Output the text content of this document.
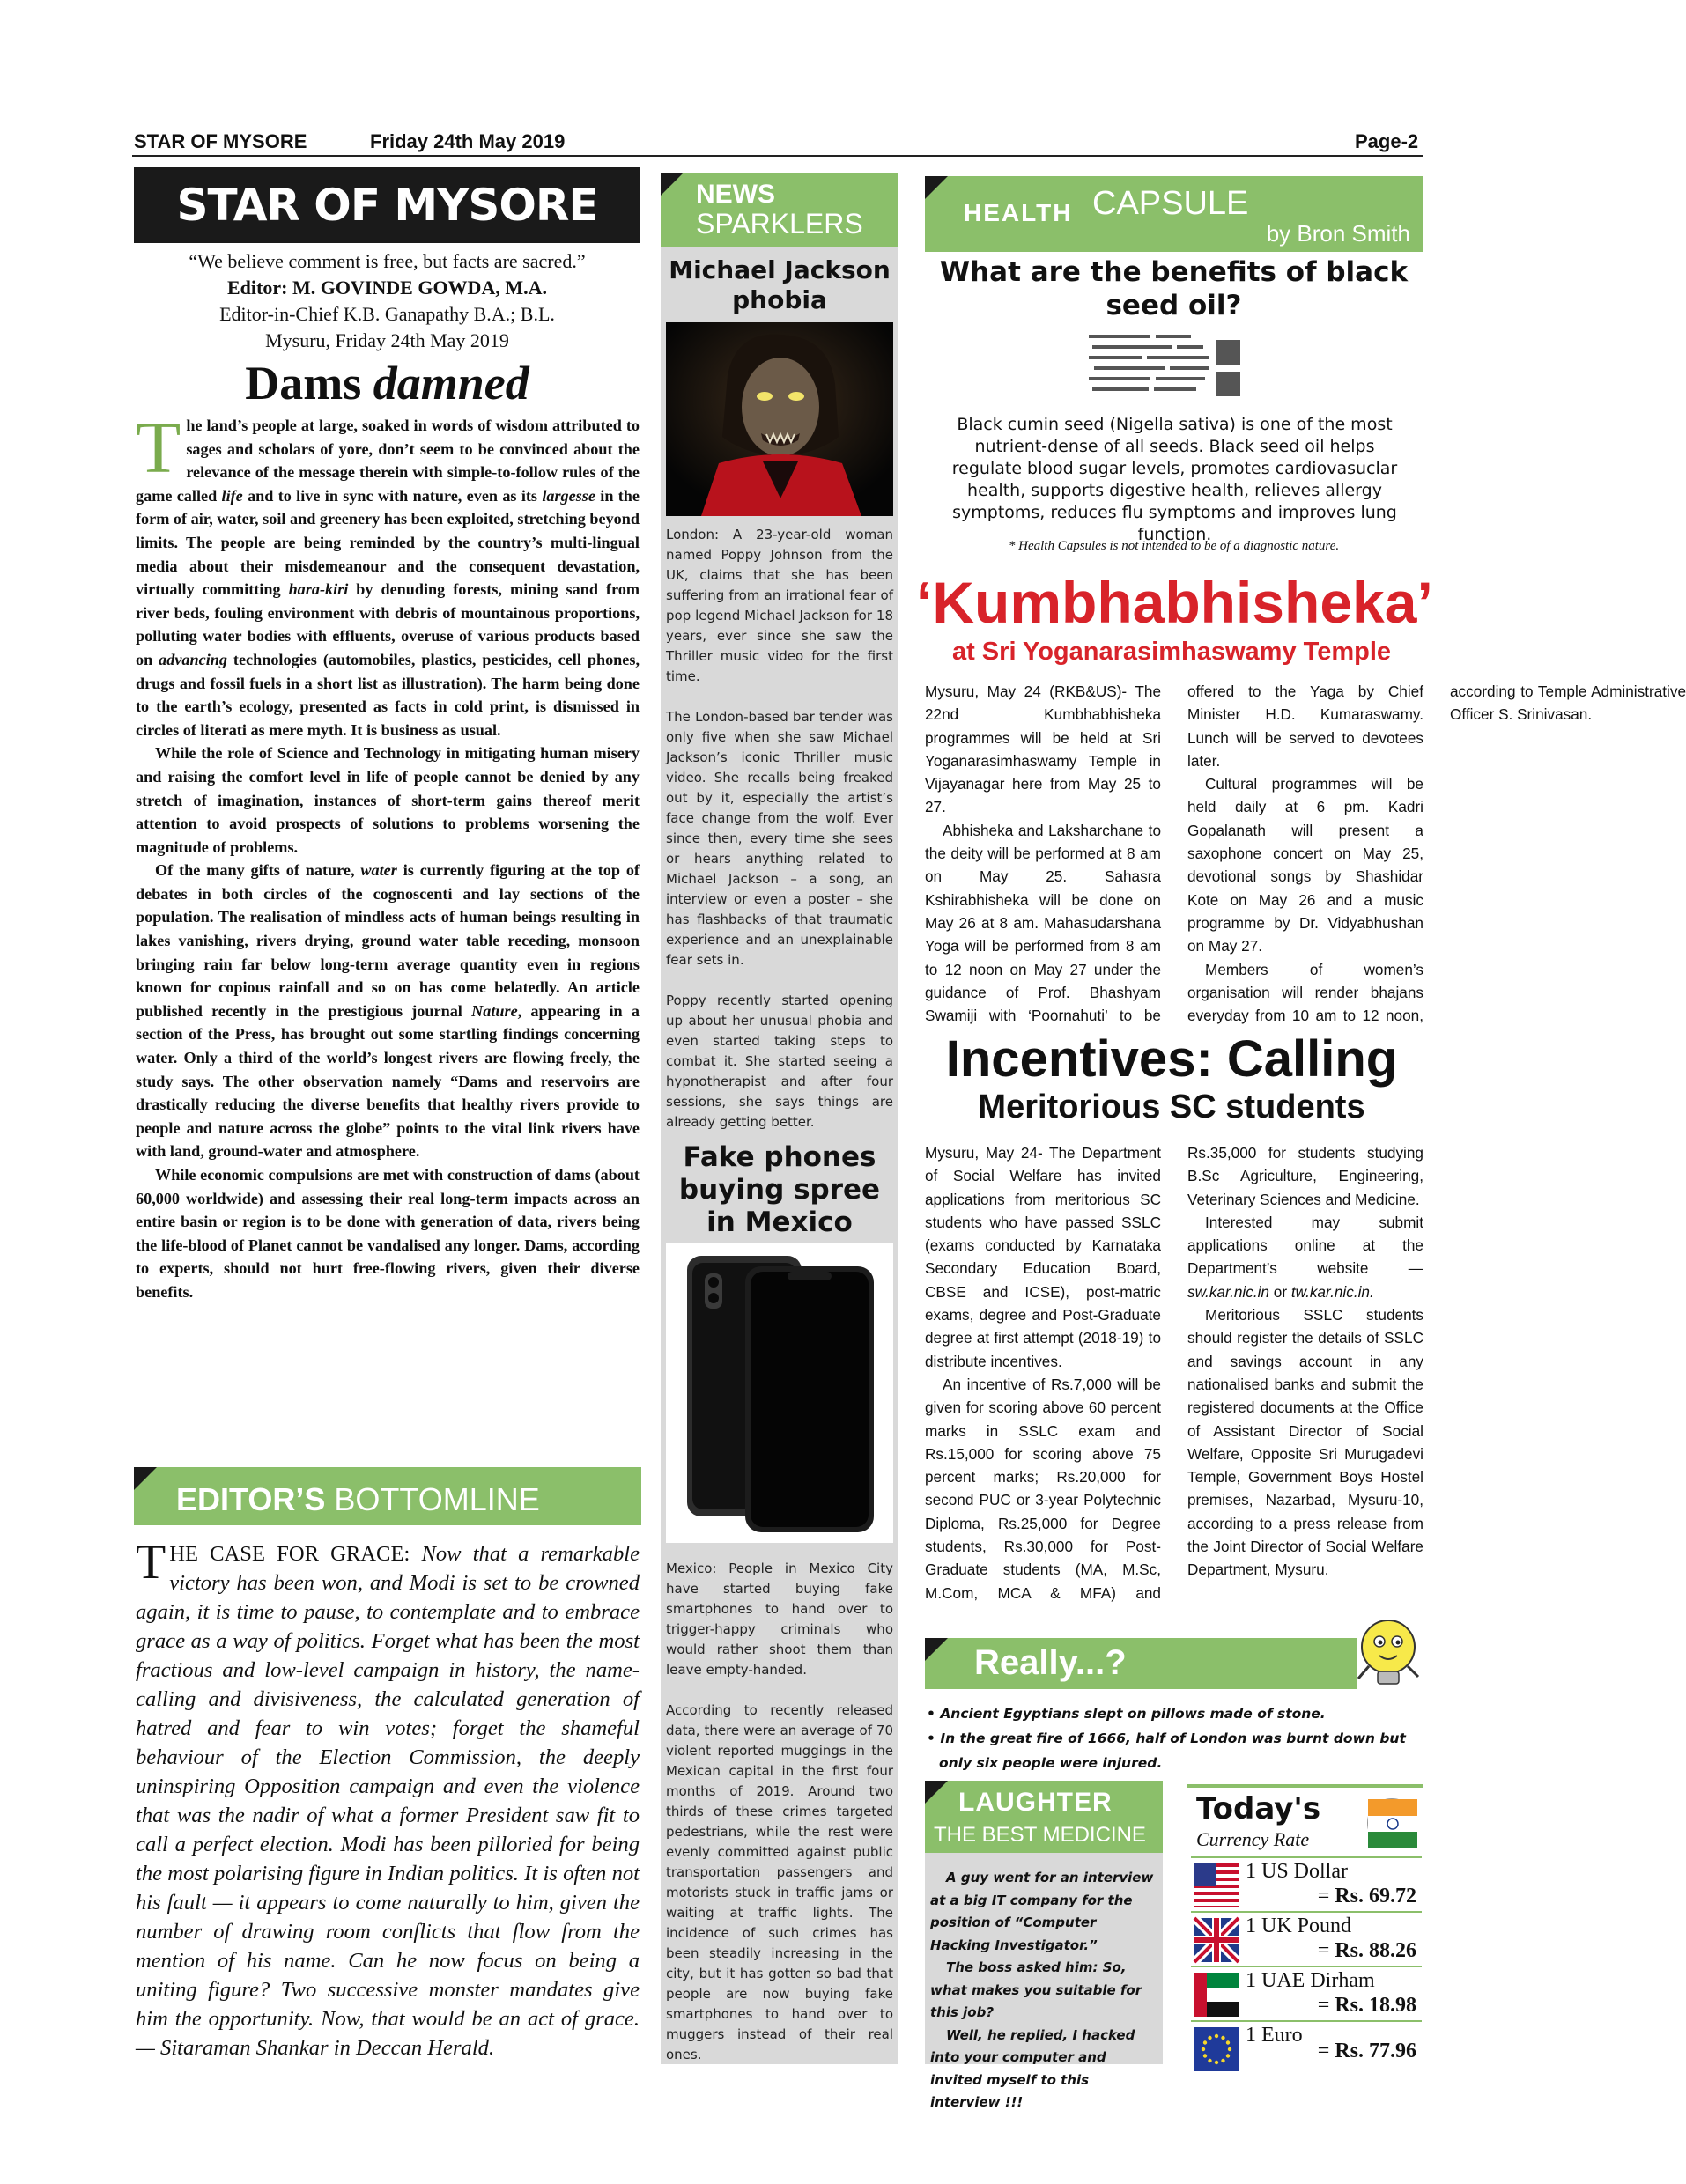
STAR OF MYSORE	Friday 24th May 2019	Page-2
STAR OF MYSORE
“We believe comment is free, but facts are sacred.”
Editor: M. GOVINDE GOWDA, M.A.
Editor-in-Chief K.B. Ganapathy B.A.; B.L.
Mysuru, Friday 24th May 2019
Dams damned

The land’s people at large, soaked in words of wisdom attributed to sages and scholars of yore, don’t seem to be convinced about the relevance of the message therein with simple-to-follow rules of the game called life and to live in sync with nature, even as its largesse in the form of air, water, soil and greenery has been exploited, stretching beyond limits. The people are being reminded by the country’s multi-lingual media about their misdemeanour and the consequent devastation, virtually committing hara-kiri by denuding forests, mining sand from river beds, fouling environment with debris of mountainous proportions, polluting water bodies with effluents, overuse of various products based on advancing technologies (automobiles, plastics, pesticides, cell phones, drugs and fossil fuels in a short list as illustration). The harm being done to the earth’s ecology, presented as facts in cold print, is dismissed in circles of literati as mere myth. It is business as usual.

While the role of Science and Technology in mitigating human misery and raising the comfort level in life of people cannot be denied by any stretch of imagination, instances of short-term gains thereof merit attention to avoid prospects of solutions to problems worsening the magnitude of problems.

Of the many gifts of nature, water is currently figuring at the top of debates in both circles of the cognoscenti and lay sections of the population. The realisation of mindless acts of human beings resulting in lakes vanishing, rivers drying, ground water table receding, monsoon bringing rain far below long-term average quantity even in regions known for copious rainfall and so on has come belatedly. An article published recently in the prestigious journal Nature, appearing in a section of the Press, has brought out some startling findings concerning water. Only a third of the world’s longest rivers are flowing freely, the study says. The other observation namely “Dams and reservoirs are drastically reducing the diverse benefits that healthy rivers provide to people and nature across the globe” points to the vital link rivers have with land, ground-water and atmosphere.

While economic compulsions are met with construction of dams (about 60,000 worldwide) and assessing their real long-term impacts across an entire basin or region is to be done with generation of data, rivers being the life-blood of Planet cannot be vandalised any longer. Dams, according to experts, should not hurt free-flowing rivers, given their diverse benefits.

EDITOR’S BOTTOMLINE
THE CASE FOR GRACE: Now that a remarkable victory has been won, and Modi is set to be crowned again, it is time to pause, to contemplate and to embrace grace as a way of politics. Forget what has been the most fractious and low-level campaign in history, the name-calling and divisiveness, the calculated generation of hatred and fear to win votes; forget the shameful behaviour of the Election Commission, the deeply uninspiring Opposition campaign and even the violence that was the nadir of what a former President saw fit to call a perfect election. Modi has been pilloried for being the most polarising figure in Indian politics. It is often not his fault — it appears to come naturally to him, given the number of drawing room conflicts that flow from the mention of his name. Can he now focus on being a uniting figure? Two successive monster mandates give him the opportunity. Now, that would be an act of grace. — Sitaraman Shankar in Deccan Herald.
NEWS
SPARKLERS
Michael Jackson phobia

London: A 23-year-old woman named Poppy Johnson from the UK, claims that she has been suffering from an irrational fear of pop legend Michael Jackson for 18 years, ever since she saw the Thriller music video for the first time.

The London-based bar tender was only five when she saw Michael Jackson’s iconic Thriller music video. She recalls being freaked out by it, especially the artist’s face change from the wolf. Ever since then, every time she sees or hears anything related to Michael Jackson – a song, an interview or even a poster – she has flashbacks of that traumatic experience and an unexplainable fear sets in.

Poppy recently started opening up about her unusual phobia and even started taking steps to combat it. She started seeing a hypnotherapist and after four sessions, she says things are already getting better.

Fake phones buying spree in Mexico

Mexico: People in Mexico City have started buying fake smartphones to hand over to trigger-happy criminals who would rather shoot them than leave empty-handed.

According to recently released data, there were an average of 70 violent reported muggings in the Mexican capital in the first four months of 2019. Around two thirds of these crimes targeted pedestrians, while the rest were evenly committed against public transportation passengers and motorists stuck in traffic jams or waiting at traffic lights. The incidence of such crimes has been steadily increasing in the city, but it has gotten so bad that people are now buying fake smartphones to hand over to muggers instead of their real ones.

HEALTH CAPSULE
by Bron Smith
What are the benefits of black seed oil?
Black cumin seed (Nigella sativa) is one of the most nutrient-dense of all seeds. Black seed oil helps regulate blood sugar levels, promotes cardiovasuclar health, supports digestive health, relieves allergy symptoms, reduces flu symptoms and improves lung function.
* Health Capsules is not intended to be of a diagnostic nature.
‘Kumbhabhisheka’
at Sri Yoganarasimhaswamy Temple

Mysuru, May 24 (RKB&US)- The 22nd Kumbhabhisheka programmes will be held at Sri Yoganarasimhaswamy Temple in Vijayanagar here from May 25 to 27.

Abhisheka and Laksharchane to the deity will be performed at 8 am on May 25. Sahasra Kshirabhisheka will be done on May 26 at 8 am. Mahasudarshana Yoga will be performed from 8 am to 12 noon on May 27 under the guidance of Prof. Bhashyam Swamiji with ‘Poornahuti’ to be offered to the Yaga by Chief Minister H.D. Kumaraswamy. Lunch will be served to devotees later.

Cultural programmes will be held daily at 6 pm. Kadri Gopalanath will present a saxophone concert on May 25, devotional songs by Shashidar Kote on May 26 and a music programme by Dr. Vidyabhushan on May 27.

Members of women’s organisation will render bhajans everyday from 10 am to 12 noon, according to Temple Administrative Officer S. Srinivasan.

Incentives: Calling
Meritorious SC students

Mysuru, May 24- The Department of Social Welfare has invited applications from meritorious SC students who have passed SSLC (exams conducted by Karnataka Secondary Education Board, CBSE and ICSE), post-matric exams, degree and Post-Graduate degree at first attempt (2018-19) to distribute incentives.

An incentive of Rs.7,000 will be given for scoring above 60 percent marks in SSLC exam and Rs.15,000 for scoring above 75 percent marks; Rs.20,000 for second PUC or 3-year Polytechnic Diploma, Rs.25,000 for Degree students, Rs.30,000 for Post-Graduate students (MA, M.Sc, M.Com, MCA & MFA) and Rs.35,000 for students studying B.Sc Agriculture, Engineering, Veterinary Sciences and Medicine.

Interested may submit applications online at the Department’s website — sw.kar.nic.in or tw.kar.nic.in.

Meritorious SSLC students should register the details of SSLC and savings account in any nationalised banks and submit the registered documents at the Office of Assistant Director of Social Welfare, Opposite Sri Murugadevi Temple, Government Boys Hostel premises, Nazarbad, Mysuru-10, according to a press release from the Joint Director of Social Welfare Department, Mysuru.

Really...?
• Ancient Egyptians slept on pillows made of stone.
• In the great fire of 1666, half of London was burnt down but only six people were injured.
LAUGHTER
THE BEST MEDICINE

A guy went for an interview at a big IT company for the position of “Computer Hacking Investigator.”

The boss asked him: So, what makes you suitable for this job?

Well, he replied, I hacked into your computer and invited myself to this interview !!!

Today's
Currency Rate
1 US Dollar
= Rs. 69.72
1 UK Pound
= Rs. 88.26
1 UAE Dirham
= Rs. 18.98
1 Euro
= Rs. 77.96
